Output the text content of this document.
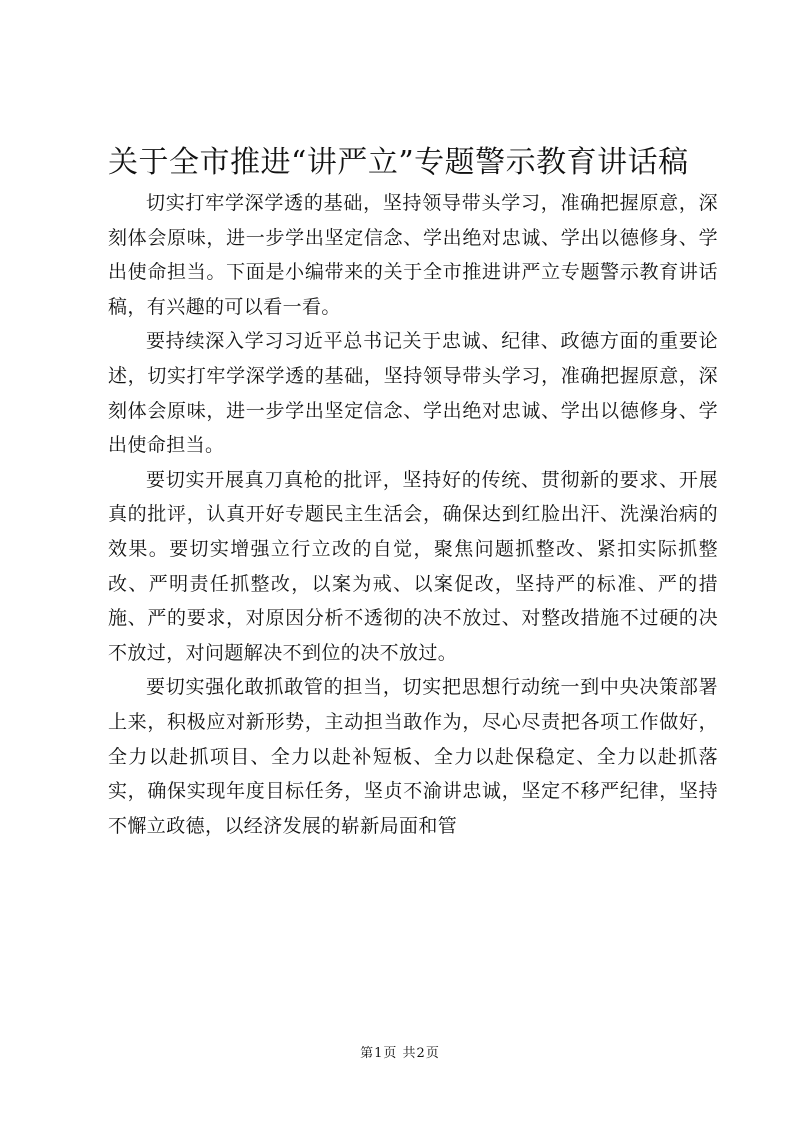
关于全市推进“讲严立”专题警示教育讲话稿

切实打牢学深学透的基础，坚持领导带头学习，准确把握原意，深刻体会原味，进一步学出坚定信念、学出绝对忠诚、学出以德修身、学出使命担当。下面是小编带来的关于全市推进讲严立专题警示教育讲话稿，有兴趣的可以看一看。

要持续深入学习习近平总书记关于忠诚、纪律、政德方面的重要论述，切实打牢学深学透的基础，坚持领导带头学习，准确把握原意，深刻体会原味，进一步学出坚定信念、学出绝对忠诚、学出以德修身、学出使命担当。

要切实开展真刀真枪的批评，坚持好的传统、贯彻新的要求、开展真的批评，认真开好专题民主生活会，确保达到红脸出汗、洗澡治病的效果。要切实增强立行立改的自觉，聚焦问题抓整改、紧扣实际抓整改、严明责任抓整改，以案为戒、以案促改，坚持严的标准、严的措施、严的要求，对原因分析不透彻的决不放过、对整改措施不过硬的决不放过，对问题解决不到位的决不放过。

要切实强化敢抓敢管的担当，切实把思想行动统一到中央决策部署上来，积极应对新形势，主动担当敢作为，尽心尽责把各项工作做好，全力以赴抓项目、全力以赴补短板、全力以赴保稳定、全力以赴抓落实，确保实现年度目标任务，坚贞不渝讲忠诚，坚定不移严纪律，坚持不懈立政德，以经济发展的崭新局面和管

第1页 共2页
